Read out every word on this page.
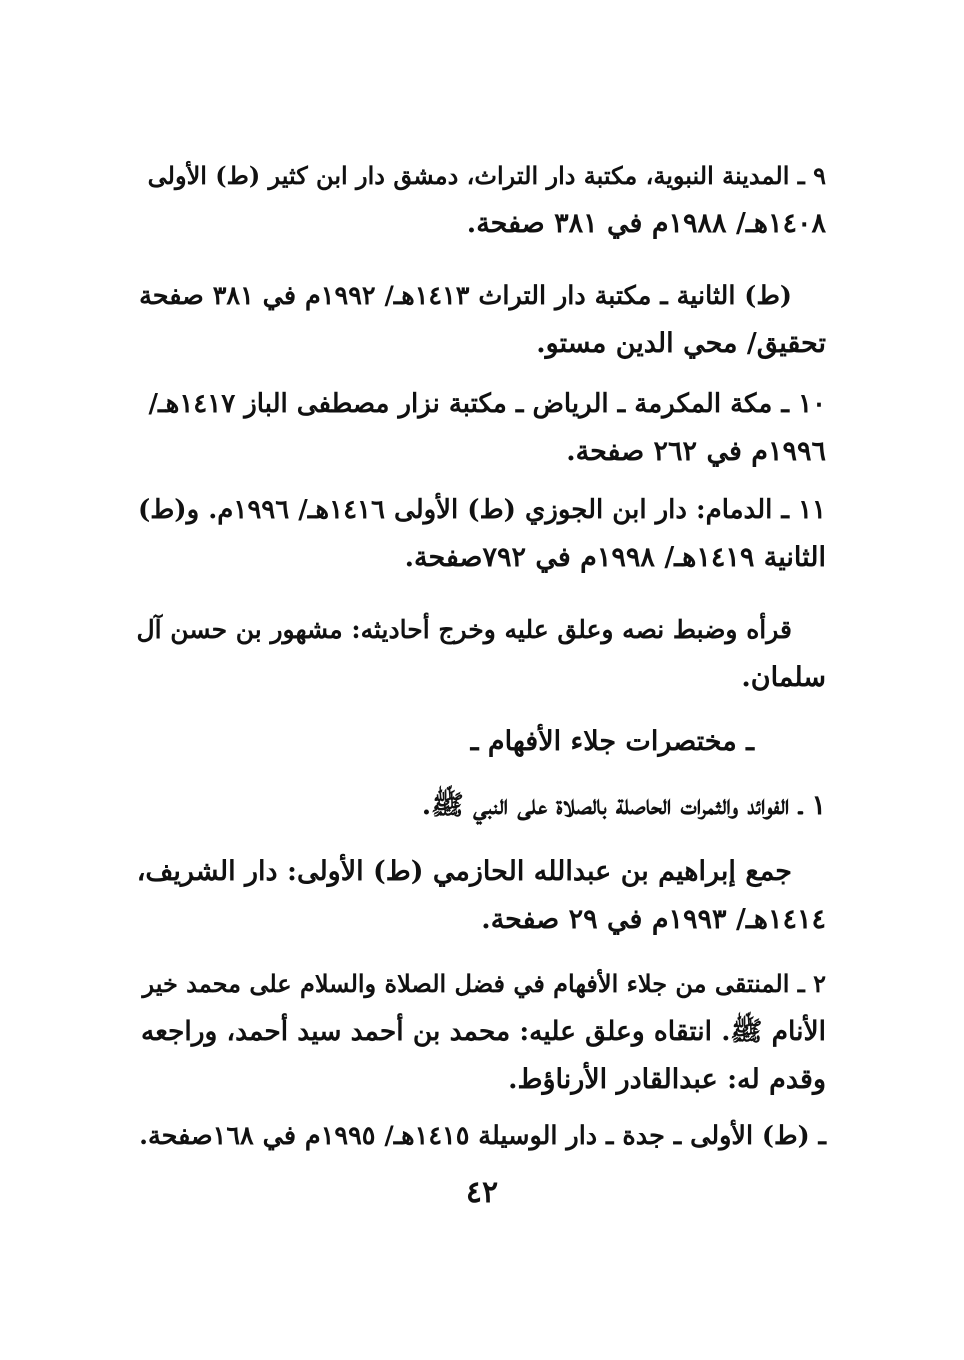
٩ ـ المدينة النبوية، مكتبة دار التراث، دمشق دار ابن كثير (ط) الأولى
١٤٠٨هـ/ ١٩٨٨م في ٣٨١ صفحة.
(ط) الثانية ـ مكتبة دار التراث ١٤١٣هـ/ ١٩٩٢م في ٣٨١ صفحة
تحقيق/ محي الدين مستو.
١٠ ـ مكة المكرمة ـ الرياض ـ مكتبة نزار مصطفى الباز ١٤١٧هـ/
١٩٩٦م في ٢٦٢ صفحة.
١١ ـ الدمام: دار ابن الجوزي (ط) الأولى ١٤١٦هـ/ ١٩٩٦م. و(ط)
الثانية ١٤١٩هـ/ ١٩٩٨م في ٧٩٢صفحة.
قرأه وضبط نصه وعلق عليه وخرج أحاديثه: مشهور بن حسن آل
سلمان.
ـ مختصرات جلاء الأفهام ـ
١ ـ الفوائد والثمرات الحاصلة بالصلاة على النبي ﷺ.
جمع إبراهيم بن عبدالله الحازمي (ط) الأولى: دار الشريف،
١٤١٤هـ/ ١٩٩٣م في ٢٩ صفحة.
٢ ـ المنتقى من جلاء الأفهام في فضل الصلاة والسلام على محمد خير
الأنام ﷺ. انتقاه وعلق عليه: محمد بن أحمد سيد أحمد، وراجعه
وقدم له: عبدالقادر الأرناؤط.
ـ (ط) الأولى ـ جدة ـ دار الوسيلة ١٤١٥هـ/ ١٩٩٥م في ١٦٨صفحة.
٤٢
